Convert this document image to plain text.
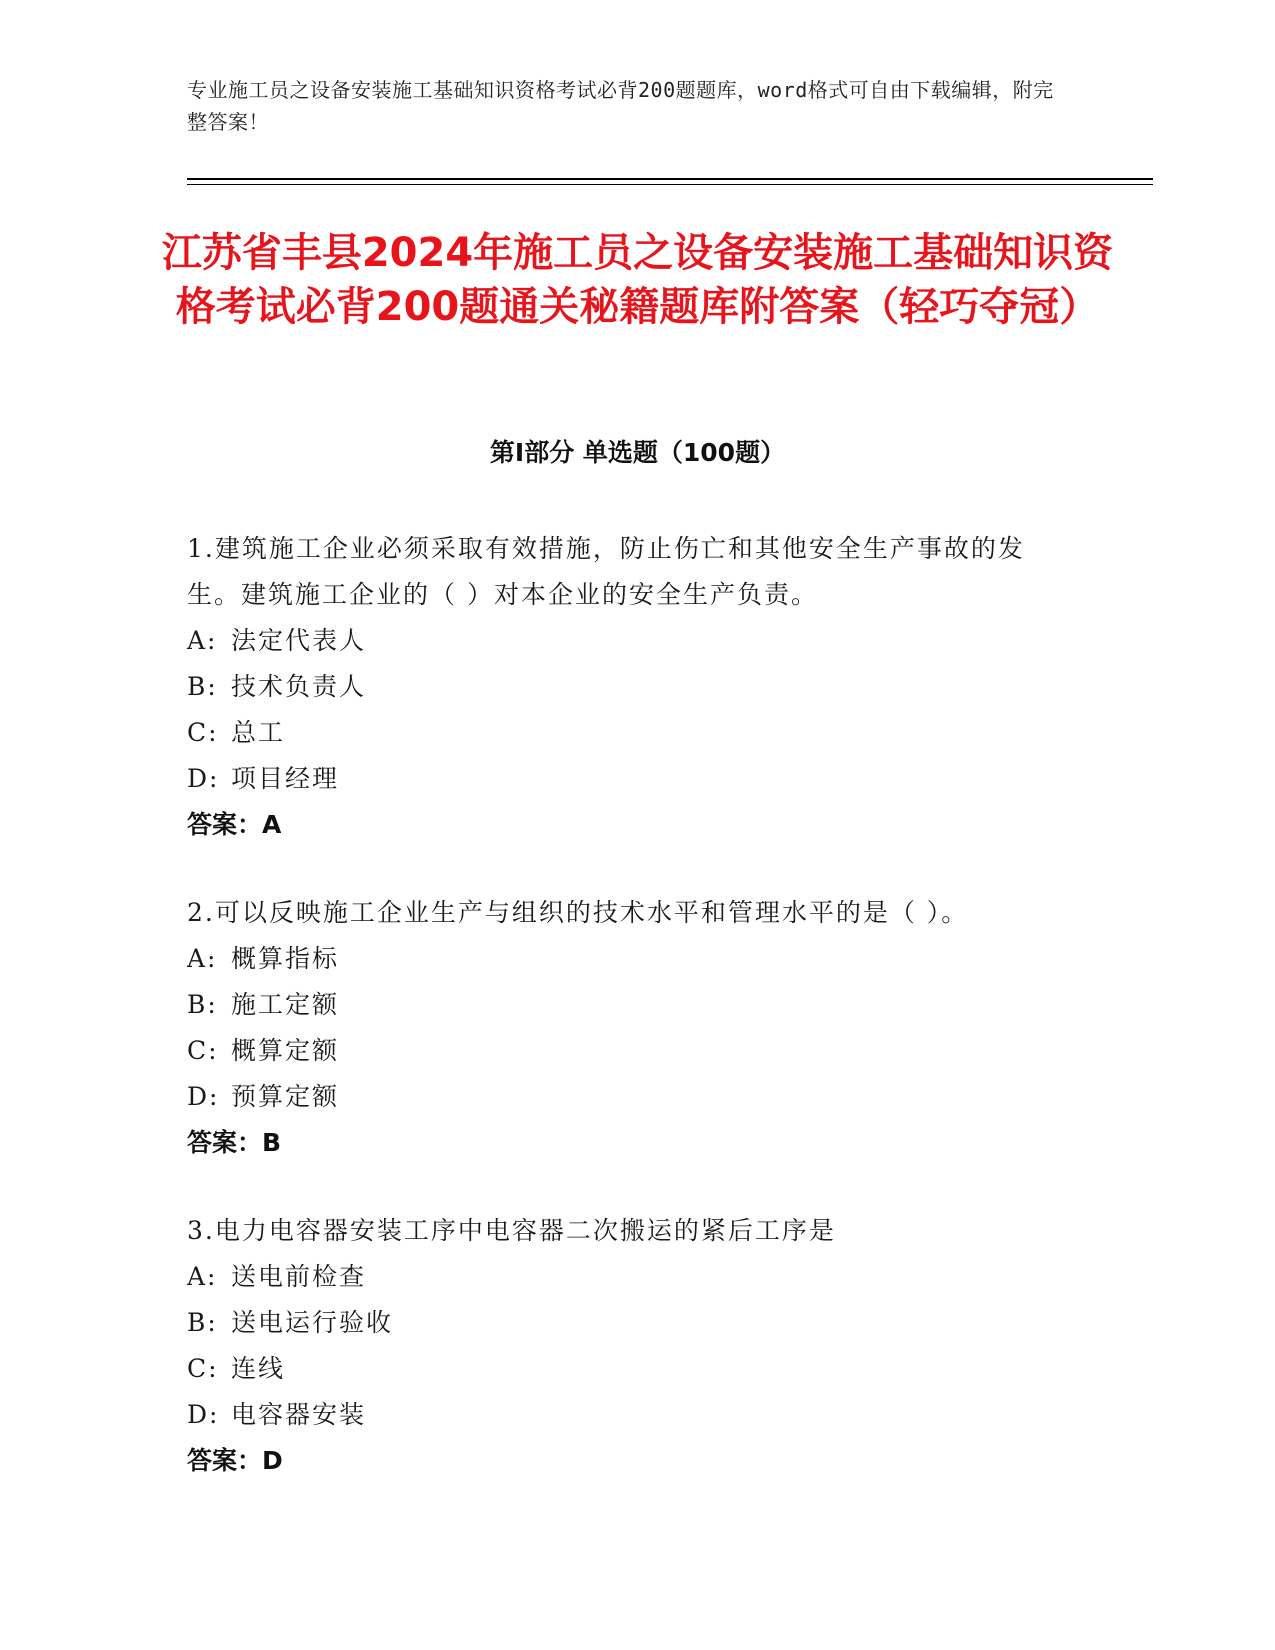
专业施工员之设备安装施工基础知识资格考试必背200题题库，word格式可自由下载编辑，附完整答案！
江苏省丰县2024年施工员之设备安装施工基础知识资格考试必背200题通关秘籍题库附答案（轻巧夺冠）
第Ⅰ部分 单选题（100题）
1.建筑施工企业必须采取有效措施，防止伤亡和其他安全生产事故的发生。建筑施工企业的（ ）对本企业的安全生产负责。
A: 法定代表人
B: 技术负责人
C: 总工
D: 项目经理
答案：A
2.可以反映施工企业生产与组织的技术水平和管理水平的是（ ）。
A: 概算指标
B: 施工定额
C: 概算定额
D: 预算定额
答案：B
3.电力电容器安装工序中电容器二次搬运的紧后工序是
A: 送电前检查
B: 送电运行验收
C: 连线
D: 电容器安装
答案：D
